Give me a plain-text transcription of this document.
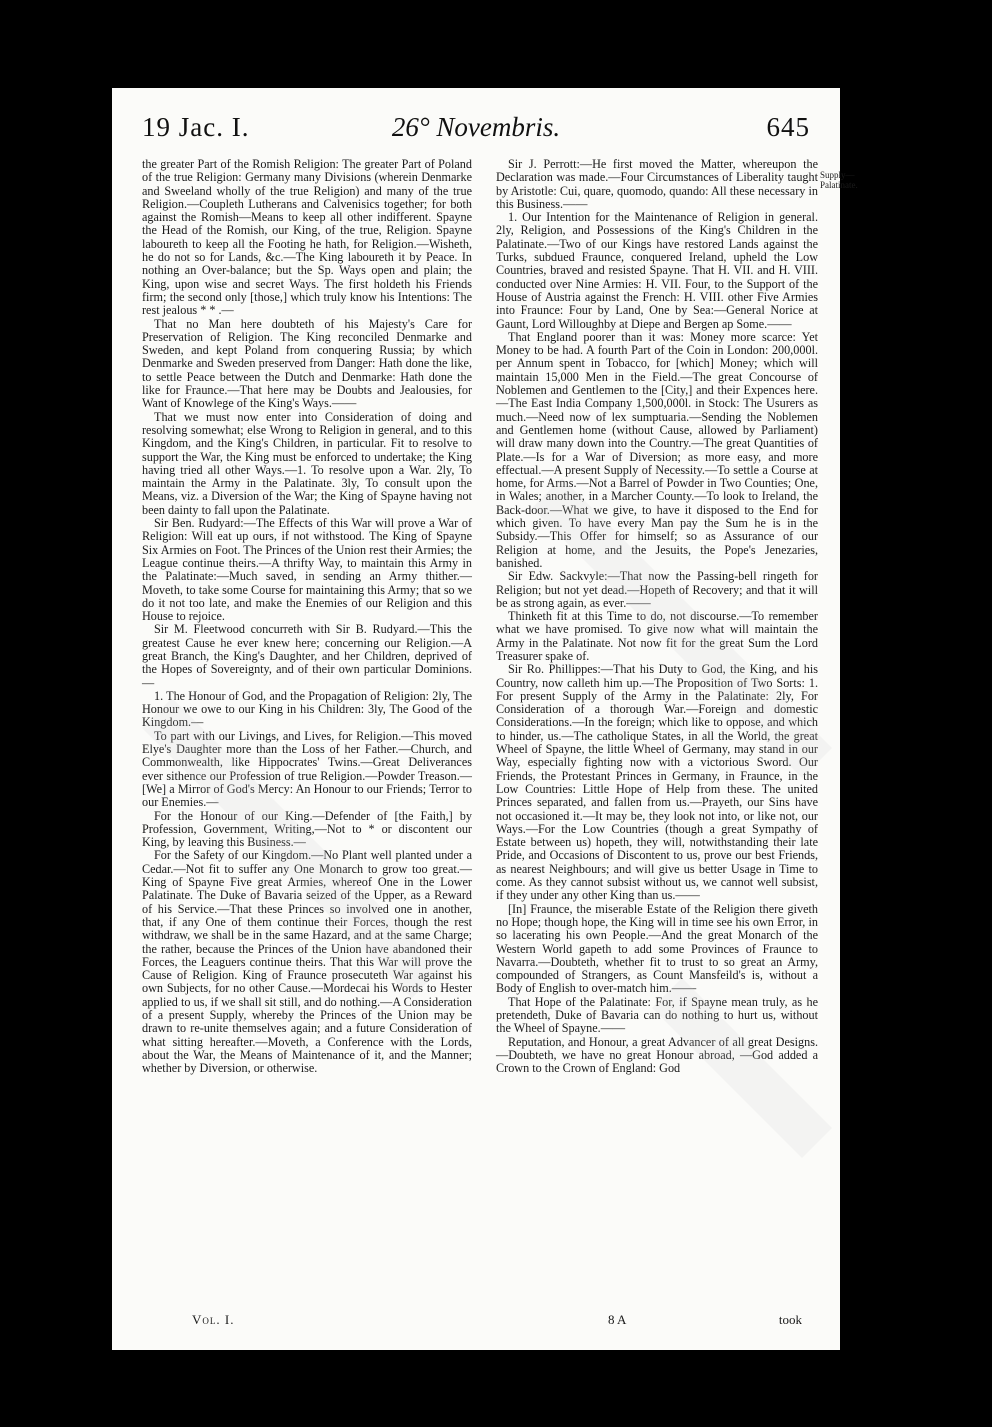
19 Jac. I.	26° Novembris.	645

the greater Part of the Romish Religion: The greater Part of Poland of the true Religion: Germany many Divisions (wherein Denmarke and Sweeland wholly of the true Religion) and many of the true Religion.—Coupleth Lutherans and Calvenisics together; for both against the Romish—Means to keep all other indifferent. Spayne the Head of the Romish, our King, of the true, Religion. Spayne laboureth to keep all the Footing he hath, for Religion.—Wisheth, he do not so for Lands, &c.—The King laboureth it by Peace. In nothing an Over-balance; but the Sp. Ways open and plain; the King, upon wise and secret Ways. The first holdeth his Friends firm; the second only [those,] which truly know his Intentions: The rest jealous * * .—

That no Man here doubteth of his Majesty's Care for Preservation of Religion. The King reconciled Denmarke and Sweden, and kept Poland from conquering Russia; by which Denmarke and Sweden preserved from Danger: Hath done the like, to settle Peace between the Dutch and Denmarke: Hath done the like for Fraunce.—That here may be Doubts and Jealousies, for Want of Knowlege of the King's Ways.——

That we must now enter into Consideration of doing and resolving somewhat; else Wrong to Religion in general, and to this Kingdom, and the King's Children, in particular. Fit to resolve to support the War, the King must be enforced to undertake; the King having tried all other Ways.—1. To resolve upon a War. 2ly, To maintain the Army in the Palatinate. 3ly, To consult upon the Means, viz. a Diversion of the War; the King of Spayne having not been dainty to fall upon the Palatinate.

Sir Ben. Rudyard:—The Effects of this War will prove a War of Religion: Will eat up ours, if not withstood. The King of Spayne Six Armies on Foot. The Princes of the Union rest their Armies; the League continue theirs.—A thrifty Way, to maintain this Army in the Palatinate:—Much saved, in sending an Army thither.—Moveth, to take some Course for maintaining this Army; that so we do it not too late, and make the Enemies of our Religion and this House to rejoice.

Sir M. Fleetwood concurreth with Sir B. Rudyard.—This the greatest Cause he ever knew here; concerning our Religion.—A great Branch, the King's Daughter, and her Children, deprived of the Hopes of Sovereignty, and of their own particular Dominions.—

1. The Honour of God, and the Propagation of Religion: 2ly, The Honour we owe to our King in his Children: 3ly, The Good of the Kingdom.—

To part with our Livings, and Lives, for Religion.—This moved Elye's Daughter more than the Loss of her Father.—Church, and Commonwealth, like Hippocrates' Twins.—Great Deliverances ever sithence our Profession of true Religion.—Powder Treason.—[We] a Mirror of God's Mercy: An Honour to our Friends; Terror to our Enemies.—

For the Honour of our King.—Defender of [the Faith,] by Profession, Government, Writing,—Not to * or discontent our King, by leaving this Business.—

For the Safety of our Kingdom.—No Plant well planted under a Cedar.—Not fit to suffer any One Monarch to grow too great.—King of Spayne Five great Armies, whereof One in the Lower Palatinate. The Duke of Bavaria seized of the Upper, as a Reward of his Service.—That these Princes so involved one in another, that, if any One of them continue their Forces, though the rest withdraw, we shall be in the same Hazard, and at the same Charge; the rather, because the Princes of the Union have abandoned their Forces, the Leaguers continue theirs. That this War will prove the Cause of Religion. King of Fraunce prosecuteth War against his own Subjects, for no other Cause.—Mordecai his Words to Hester applied to us, if we shall sit still, and do nothing.—A Consideration of a present Supply, whereby the Princes of the Union may be drawn to re-unite themselves again; and a future Consideration of what sitting hereafter.—Moveth, a Conference with the Lords, about the War, the Means of Maintenance of it, and the Manner; whether by Diversion, or otherwise.

Sir J. Perrott:—He first moved the Matter, whereupon the Declaration was made.—Four Circumstances of Liberality taught by Aristotle: Cui, quare, quomodo, quando: All these necessary in this Business.——

1. Our Intention for the Maintenance of Religion in general. 2ly, Religion, and Possessions of the King's Children in the Palatinate.—Two of our Kings have restored Lands against the Turks, subdued Fraunce, conquered Ireland, upheld the Low Countries, braved and resisted Spayne. That H. VII. and H. VIII. conducted over Nine Armies: H. VII. Four, to the Support of the House of Austria against the French: H. VIII. other Five Armies into Fraunce: Four by Land, One by Sea:—General Norice at Gaunt, Lord Willoughby at Diepe and Bergen ap Some.——

That England poorer than it was: Money more scarce: Yet Money to be had. A fourth Part of the Coin in London: 200,000l. per Annum spent in Tobacco, for [which] Money; which will maintain 15,000 Men in the Field.—The great Concourse of Noblemen and Gentlemen to the [City,] and their Expences here.—The East India Company 1,500,000l. in Stock: The Usurers as much.—Need now of lex sumptuaria.—Sending the Noblemen and Gentlemen home (without Cause, allowed by Parliament) will draw many down into the Country.—The great Quantities of Plate.—Is for a War of Diversion; as more easy, and more effectual.—A present Supply of Necessity.—To settle a Course at home, for Arms.—Not a Barrel of Powder in Two Counties; One, in Wales; another, in a Marcher County.—To look to Ireland, the Back-door.—What we give, to have it disposed to the End for which given. To have every Man pay the Sum he is in the Subsidy.—This Offer for himself; so as Assurance of our Religion at home, and the Jesuits, the Pope's Jenezaries, banished.

Sir Edw. Sackvyle:—That now the Passing-bell ringeth for Religion; but not yet dead.—Hopeth of Recovery; and that it will be as strong again, as ever.——

Thinketh fit at this Time to do, not discourse.—To remember what we have promised. To give now what will maintain the Army in the Palatinate. Not now fit for the great Sum the Lord Treasurer spake of.

Sir Ro. Phillippes:—That his Duty to God, the King, and his Country, now calleth him up.—The Proposition of Two Sorts: 1. For present Supply of the Army in the Palatinate: 2ly, For Consideration of a thorough War.—Foreign and domestic Considerations.—In the foreign; which like to oppose, and which to hinder, us.—The catholique States, in all the World, the great Wheel of Spayne, the little Wheel of Germany, may stand in our Way, especially fighting now with a victorious Sword. Our Friends, the Protestant Princes in Germany, in Fraunce, in the Low Countries: Little Hope of Help from these. The united Princes separated, and fallen from us.—Prayeth, our Sins have not occasioned it.—It may be, they look not into, or like not, our Ways.—For the Low Countries (though a great Sympathy of Estate between us) hopeth, they will, notwithstanding their late Pride, and Occasions of Discontent to us, prove our best Friends, as nearest Neighbours; and will give us better Usage in Time to come. As they cannot subsist without us, we cannot well subsist, if they under any other King than us.——

[In] Fraunce, the miserable Estate of the Religion there giveth no Hope; though hope, the King will in time see his own Error, in so lacerating his own People.—And the great Monarch of the Western World gapeth to add some Provinces of Fraunce to Navarra.—Doubteth, whether fit to trust to so great an Army, compounded of Strangers, as Count Mansfeild's is, without a Body of English to over-match him.——

That Hope of the Palatinate: For, if Spayne mean truly, as he pretendeth, Duke of Bavaria can do nothing to hurt us, without the Wheel of Spayne.——

Reputation, and Honour, a great Advancer of all great Designs.—Doubteth, we have no great Honour abroad, —God added a Crown to the Crown of England: God

Supply—Palatinate.
Vol. I.	8 A	took
